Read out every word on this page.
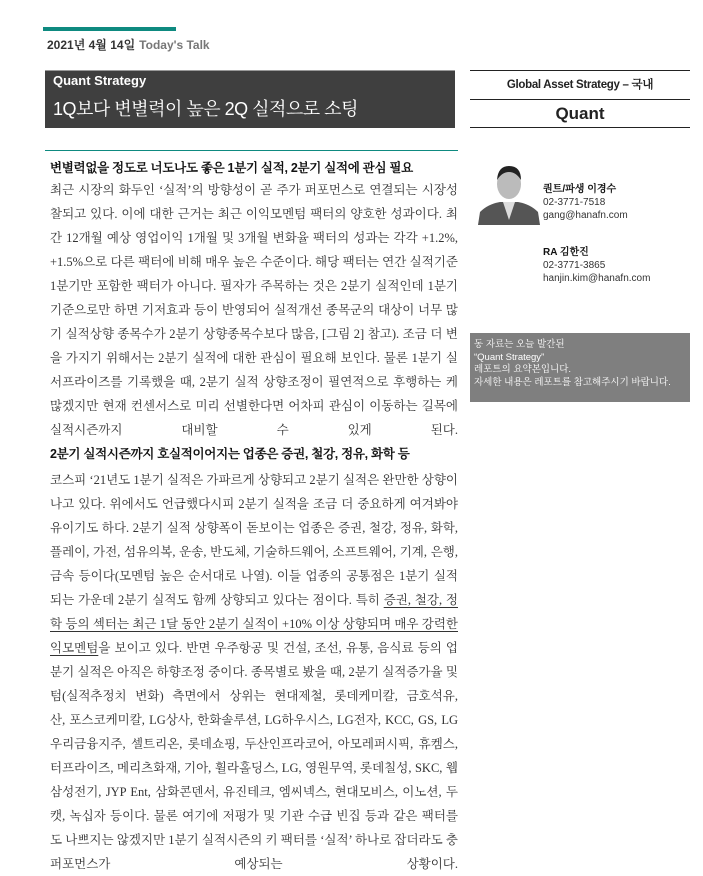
2021년 4월 14일 Today's Talk
Quant Strategy
1Q보다 변별력이 높은 2Q 실적으로 소팅
Global Asset Strategy – 국내
Quant
변별력없을 정도로 너도나도 좋은 1분기 실적, 2분기 실적에 관심 필요
최근 시장의 화두인 ‘실적’의 방향성이 곧 주가 퍼포먼스로 연결되는 시장성
찰되고 있다. 이에 대한 근거는 최근 이익모멘텀 팩터의 양호한 성과이다. 최
간 12개월 예상 영업이익 1개월 및 3개월 변화율 팩터의 성과는 각각 +1.2%,
+1.5%으로 다른 팩터에 비해 매우 높은 수준이다. 해당 팩터는 연간 실적기준
1분기만 포함한 팩터가 아니다. 필자가 주목하는 것은 2분기 실적인데 1분기
기준으로만 하면 기저효과 등이 반영되어 실적개선 종목군의 대상이 너무 많
기 실적상향 종목수가 2분기 상향종목수보다 많음, [그림 2] 참고). 조금 더 변
을 가지기 위해서는 2분기 실적에 대한 관심이 필요해 보인다. 물론 1분기 실
서프라이즈를 기록했을 때, 2분기 실적 상향조정이 필연적으로 후행하는 케
많겠지만 현재 컨센서스로 미리 선별한다면 어차피 관심이 이동하는 길목에
실적시즌까지 대비할 수 있게 된다.
2분기 실적시즌까지 호실적이어지는 업종은 증권, 철강, 정유, 화학 등
코스피 ‘21년도 1분기 실적은 가파르게 상향되고 2분기 실적은 완만한 상향이
나고 있다. 위에서도 언급했다시피 2분기 실적을 조금 더 중요하게 여겨봐야
유이기도 하다. 2분기 실적 상향폭이 돋보이는 업종은 증권, 철강, 정유, 화학,
플레이, 가전, 섬유의복, 운송, 반도체, 기술하드웨어, 소프트웨어, 기계, 은행,
금속 등이다(모멘텀 높은 순서대로 나열). 이들 업종의 공통점은 1분기 실적
되는 가운데 2분기 실적도 함께 상향되고 있다는 점이다. 특히 증권, 철강, 정
학 등의 섹터는 최근 1달 동안 2분기 실적이 +10% 이상 상향되며 매우 강력한
익모멘텀을 보이고 있다. 반면 우주항공 및 건설, 조선, 유통, 음식료 등의 업
분기 실적은 아직은 하향조정 중이다. 종목별로 봤을 때, 2분기 실적증가율 및
텀(실적추정치 변화) 측면에서 상위는 현대제철, 롯데케미칼, 금호석유,
산, 포스코케미칼, LG상사, 한화솔루션, LG하우시스, LG전자, KCC, GS, LG
우리금융지주, 셀트리온, 롯데쇼핑, 두산인프라코어, 아모레퍼시픽, 휴켐스,
터프라이즈, 메리츠화재, 기아, 휠라홀딩스, LG, 영원무역, 롯데칠성, SKC, 웹
삼성전기, JYP Ent, 삼화콘덴서, 유진테크, 엠씨넥스, 현대모비스, 이노션, 두
캣, 녹십자 등이다. 물론 여기에 저평가 및 기관 수급 빈집 등과 같은 팩터를
도 나쁘지는 않겠지만 1분기 실적시즌의 키 팩터를 ‘실적’ 하나로 잡더라도 충
퍼포먼스가 예상되는 상황이다.
퀀트/파생 이경수
02-3771-7518
gang@hanafn.com
RA 김한진
02-3771-3865
hanjin.kim@hanafn.com
동 자료는 오늘 발간된
“Quant Strategy”
레포트의 요약본입니다.
자세한 내용은 레포트를 참고해주시기 바랍니다.
